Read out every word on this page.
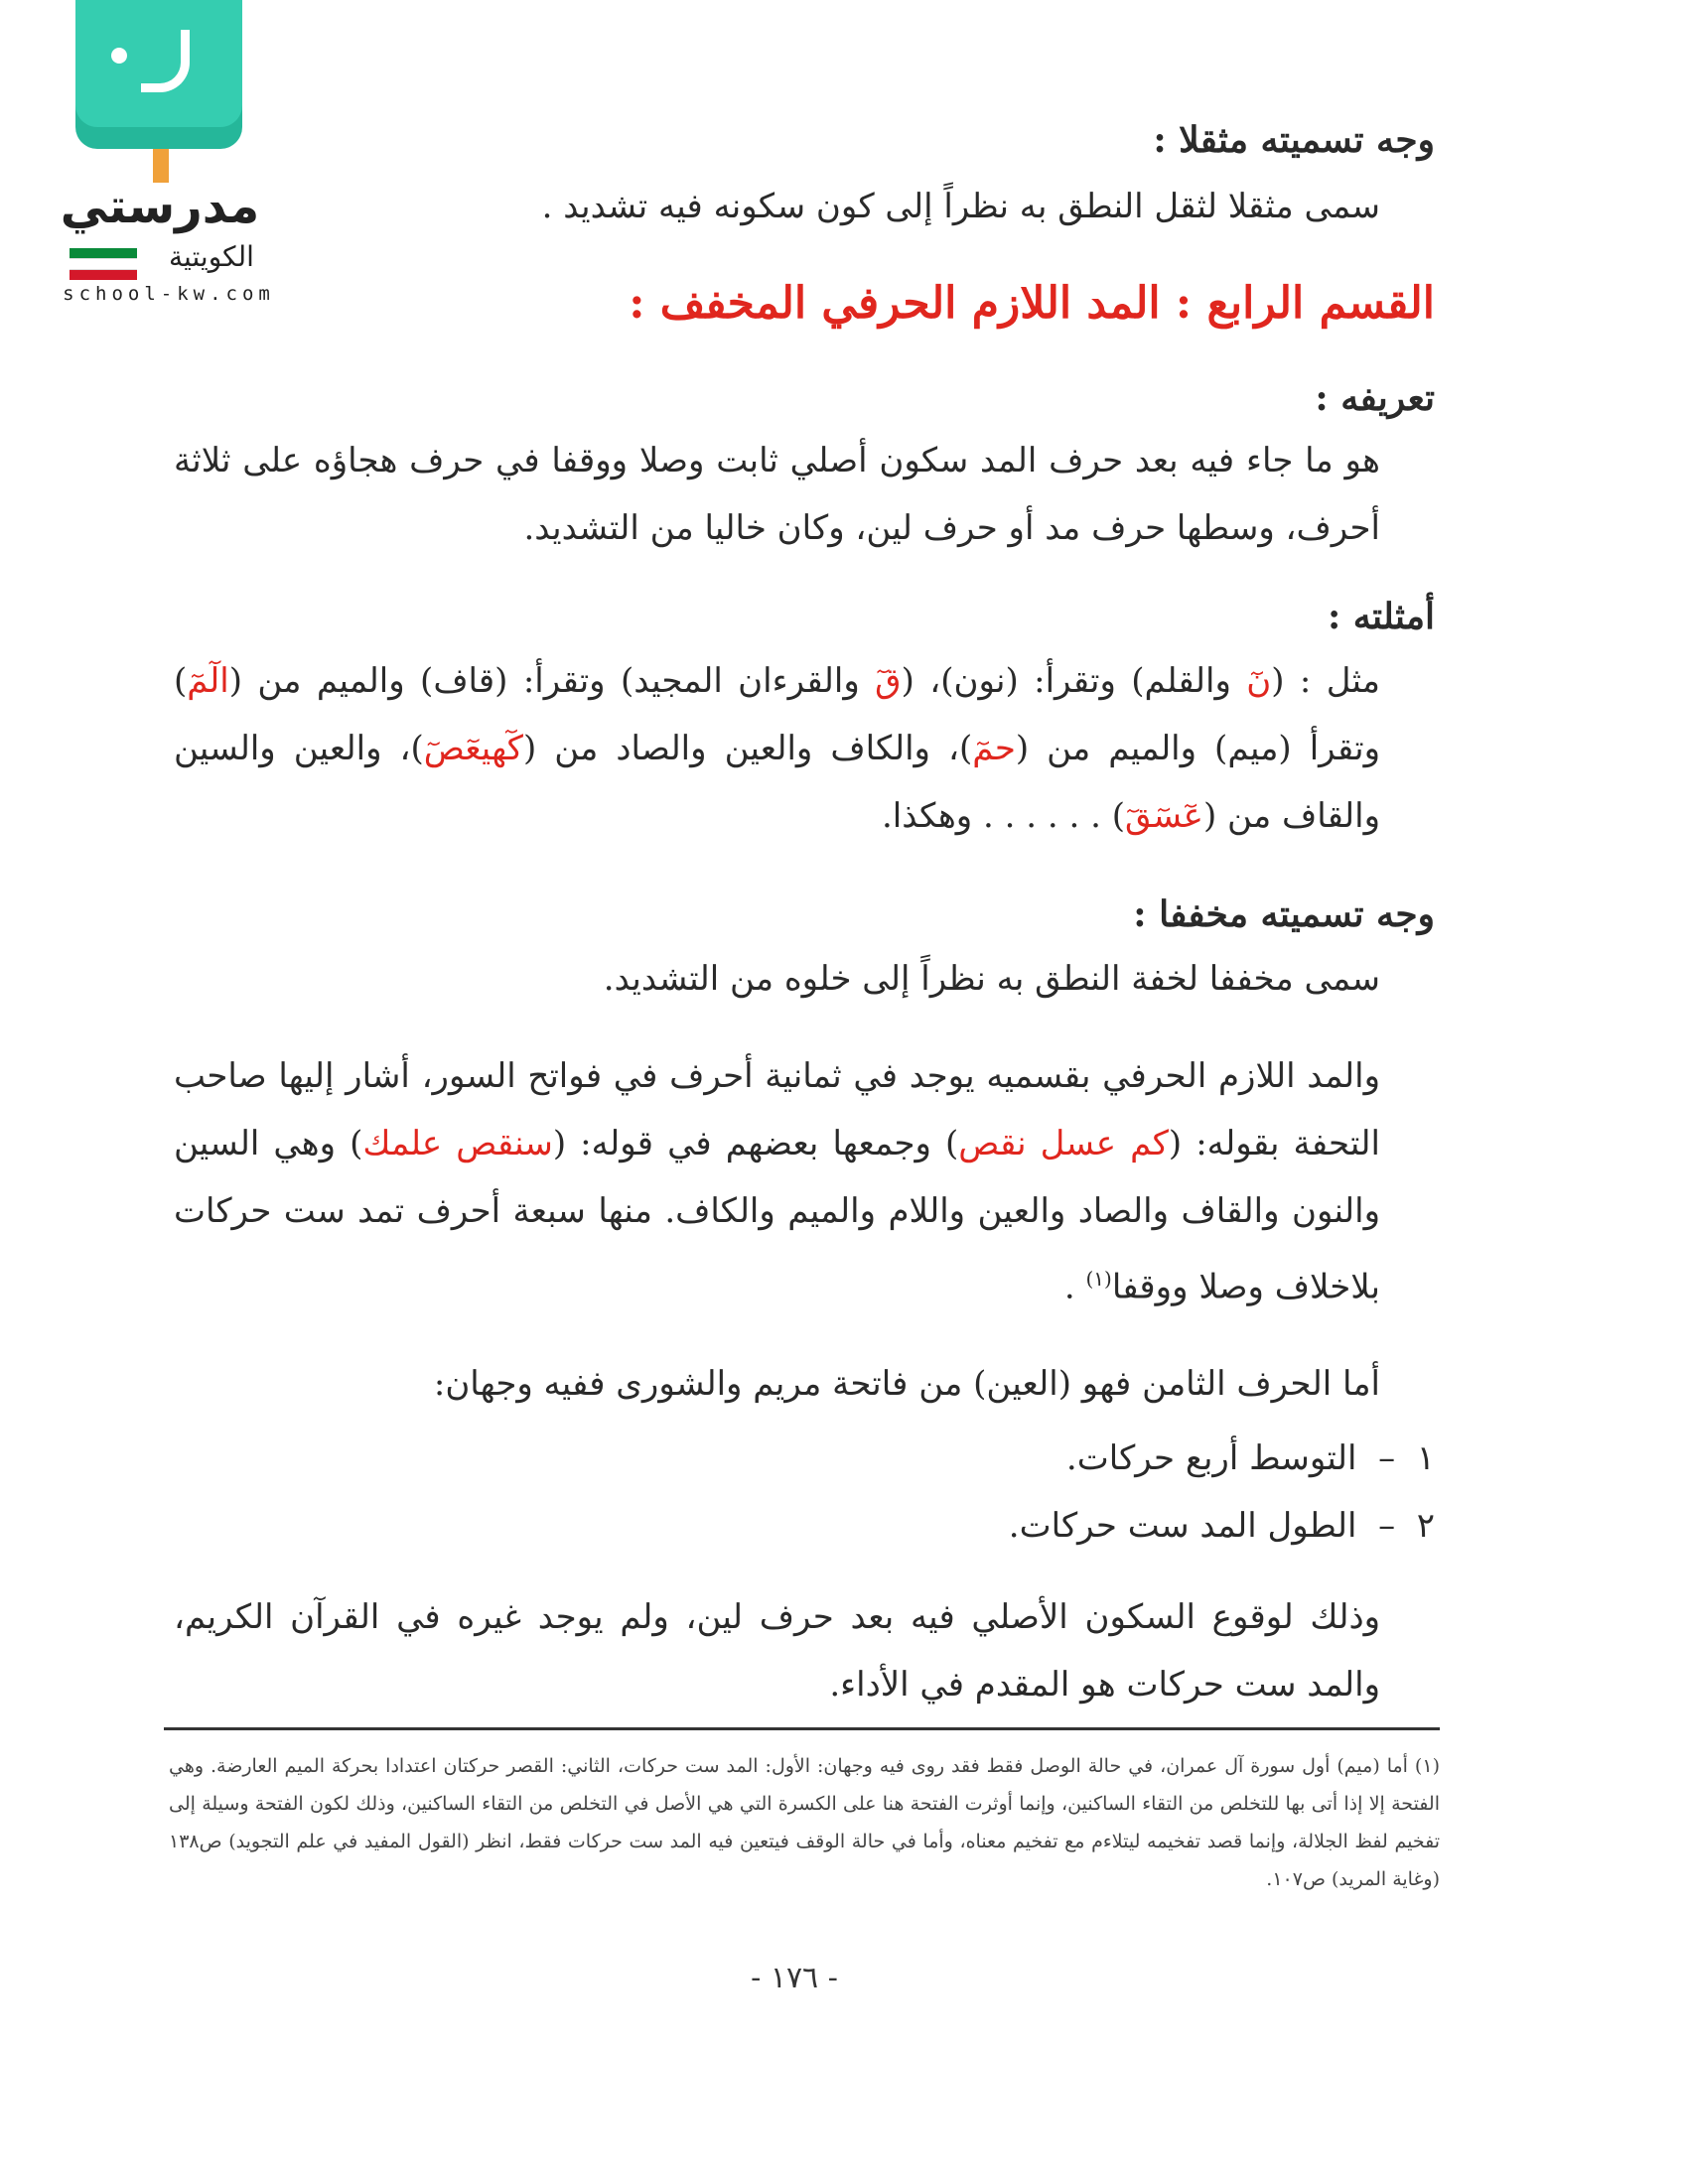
مدرستي
الكويتية
school-kw.com
وجه تسميته مثقلا :

سمى مثقلا لثقل النطق به نظراً إلى كون سكونه فيه تشديد .

القسم الرابع : المد اللازم الحرفي المخفف :
تعريفه :

هو ما جاء فيه بعد حرف المد سكون أصلي ثابت وصلا ووقفا في حرف هجاؤه على ثلاثة أحرف، وسطها حرف مد أو حرف لين، وكان خاليا من التشديد.

أمثلته :

مثل : (نٓ والقلم) وتقرأ: (نون)، (قٓ والقرءان المجيد) وتقرأ: (قاف) والميم من (الٓمٓ) وتقرأ (ميم) والميم من (حمٓ)، والكاف والعين والصاد من (كٓهيعٓصٓ)، والعين والسين والقاف من (عٓسٓقٓ) . . . . . . وهكذا.

وجه تسميته مخففا :

سمى مخففا لخفة النطق به نظراً إلى خلوه من التشديد.

والمد اللازم الحرفي بقسميه يوجد في ثمانية أحرف في فواتح السور، أشار إليها صاحب التحفة بقوله: (كم عسل نقص) وجمعها بعضهم في قوله: (سنقص علمك) وهي السين والنون والقاف والصاد والعين واللام والميم والكاف. منها سبعة أحرف تمد ست حركات بلاخلاف وصلا ووقفا$^{(١)}$ .

أما الحرف الثامن فهو (العين) من فاتحة مريم والشورى ففيه وجهان:

١  –  التوسط أربع حركات.

٢  –  الطول المد ست حركات.

وذلك لوقوع السكون الأصلي فيه بعد حرف لين، ولم يوجد غيره في القرآن الكريم، والمد ست حركات هو المقدم في الأداء.

(١) أما (ميم) أول سورة آل عمران، في حالة الوصل فقط فقد روى فيه وجهان: الأول: المد ست حركات، الثاني: القصر حركتان اعتدادا بحركة الميم العارضة. وهي الفتحة إلا إذا أتى بها للتخلص من التقاء الساكنين، وإنما أوثرت الفتحة هنا على الكسرة التي هي الأصل في التخلص من التقاء الساكنين، وذلك لكون الفتحة وسيلة إلى تفخيم لفظ الجلالة، وإنما قصد تفخيمه ليتلاءم مع تفخيم معناه، وأما في حالة الوقف فيتعين فيه المد ست حركات فقط، انظر (القول المفيد في علم التجويد) ص١٣٨ (وغاية المريد) ص١٠٧.
- ١٧٦ -
